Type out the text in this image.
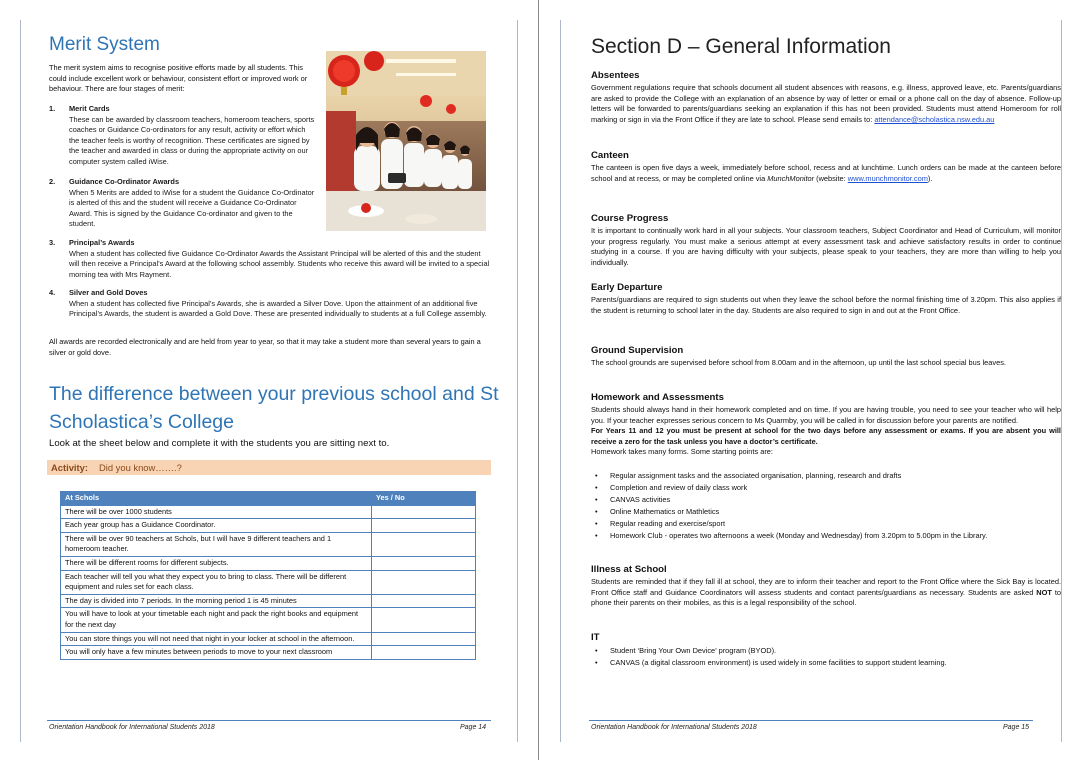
Merit System
The merit system aims to recognise positive efforts made by all students. This could include excellent work or behaviour, consistent effort or improved work or behaviour. There are four stages of merit:
1. Merit Cards
These can be awarded by classroom teachers, homeroom teachers, sports coaches or Guidance Co-ordinators for any result, activity or effort which the teacher feels is worthy of recognition. These certificates are signed by the teacher and awarded in class or during the appropriate activity on our computer system called iWise.
2. Guidance Co-Ordinator Awards
When 5 Merits are added to iWise for a student the Guidance Co-Ordinator is alerted of this and the student will receive a Guidance Co-Ordinator Award. This is signed by the Guidance Co-ordinator and given to the student.
3. Principal’s Awards
When a student has collected five Guidance Co-Ordinator Awards the Assistant Principal will be alerted of this and the student will then receive a Principal’s Award at the following school assembly. Students who receive this award will be invited to a special morning tea with Mrs Rayment.
4. Silver and Gold Doves
When a student has collected five Principal’s Awards, she is awarded a Silver Dove. Upon the attainment of an additional five Principal’s Awards, the student is awarded a Gold Dove. These are presented individually to students at a full College assembly.
All awards are recorded electronically and are held from year to year, so that it may take a student more than several years to gain a silver or gold dove.
The difference between your previous school and St Scholastica’s College
Look at the sheet below and complete it with the students you are sitting next to.
Activity: Did you know…….?
At Schols	Yes / No
There will be over 1000 students	
Each year group has a Guidance Coordinator.	
There will be over 90 teachers at Schols, but I will have 9 different teachers and 1 homeroom teacher.	
There will be different rooms for different subjects.	
Each teacher will tell you what they expect you to bring to class. There will be different equipment and rules set for each class.	
The day is divided into 7 periods. In the morning period 1 is 45 minutes	
You will have to look at your timetable each night and pack the right books and equipment for the next day	
You can store things you will not need that night in your locker at school in the afternoon.	
You will only have a few minutes between periods to move to your next classroom	
Orientation Handbook for International Students 2018	Page 14
Section D – General Information
Absentees
Government regulations require that schools document all student absences with reasons, e.g. illness, approved leave, etc. Parents/guardians are asked to provide the College with an explanation of an absence by way of letter or email or a phone call on the day of absence. Follow-up letters will be forwarded to parents/guardians seeking an explanation if this has not been provided. Students must attend Homeroom for roll marking or sign in via the Front Office if they are late to school. Please send emails to: attendance@scholastica.nsw.edu.au
Canteen
The canteen is open five days a week, immediately before school, recess and at lunchtime. Lunch orders can be made at the canteen before school and at recess, or may be completed online via MunchMonitor (website: www.munchmonitor.com).
Course Progress
It is important to continually work hard in all your subjects. Your classroom teachers, Subject Coordinator and Head of Curriculum, will monitor your progress regularly. You must make a serious attempt at every assessment task and achieve satisfactory results in order to continue studying in a course. If you are having difficulty with your subjects, please speak to your teachers, they are more than willing to help you individually.
Early Departure
Parents/guardians are required to sign students out when they leave the school before the normal finishing time of 3.20pm. This also applies if the student is returning to school later in the day. Students are also required to sign in and out at the Front Office.
Ground Supervision
The school grounds are supervised before school from 8.00am and in the afternoon, up until the last school special bus leaves.
Homework and Assessments

Students should always hand in their homework completed and on time. If you are having trouble, you need to see your teacher who will help you. If your teacher expresses serious concern to Ms Quarmby, you will be called in for discussion before your parents are notified.

For Years 11 and 12 you must be present at school for the two days before any assessment or exams. If you are absent you will receive a zero for the task unless you have a doctor’s certificate.

Homework takes many forms. Some starting points are:

• Regular assignment tasks and the associated organisation, planning, research and drafts
• Completion and review of daily class work
• CANVAS activities
• Online Mathematics or Mathletics
• Regular reading and exercise/sport
• Homework Club - operates two afternoons a week (Monday and Wednesday) from 3.20pm to 5.00pm in the Library.
Illness at School
Students are reminded that if they fall ill at school, they are to inform their teacher and report to the Front Office where the Sick Bay is located. Front Office staff and Guidance Coordinators will assess students and contact parents/guardians as necessary. Students are asked NOT to phone their parents on their mobiles, as this is a legal responsibility of the school.
IT
• Student ‘Bring Your Own Device’ program (BYOD).
• CANVAS (a digital classroom environment) is used widely in some facilities to support student learning.
Orientation Handbook for International Students 2018	Page 15
